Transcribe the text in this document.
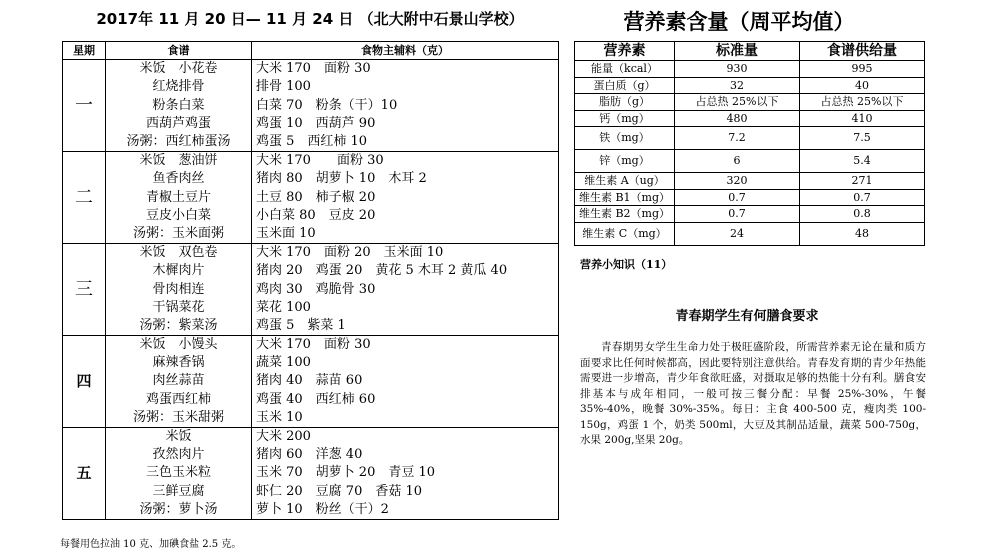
2017年 11 月 20 日— 11 月 24 日 （北大附中石景山学校）	营养素含量（周平均值）
星期	食谱	食物主辅料（克）
一	米饭　小花卷	大米 170　面粉 30
	红烧排骨	排骨 100
	粉条白菜	白菜 70　粉条（干）10
	西葫芦鸡蛋	鸡蛋 10　西葫芦 90
	汤粥：西红柿蛋汤	鸡蛋 5　西红柿 10
二	米饭　葱油饼	大米 170　　面粉 30
	鱼香肉丝	猪肉 80　胡萝卜 10　木耳 2
	青椒土豆片	土豆 80　柿子椒 20
	豆皮小白菜	小白菜 80　豆皮 20
	汤粥：玉米面粥	玉米面 10
三	米饭　双色卷	大米 170　面粉 20　玉米面 10
	木樨肉片	猪肉 20　鸡蛋 20　黄花 5 木耳 2 黄瓜 40
	骨肉相连	鸡肉 30　鸡脆骨 30
	干锅菜花	菜花 100
	汤粥：紫菜汤	鸡蛋 5　紫菜 1
四	米饭　小馒头	大米 170　面粉 30
	麻辣香锅	蔬菜 100
	肉丝蒜苗	猪肉 40　蒜苗 60
	鸡蛋西红柿	鸡蛋 40　西红柿 60
	汤粥：玉米甜粥	玉米 10
五	米饭	大米 200
	孜然肉片	猪肉 60　洋葱 40
	三色玉米粒	玉米 70　胡萝卜 20　青豆 10
	三鲜豆腐	虾仁 20　豆腐 70　香菇 10
	汤粥：萝卜汤	萝卜 10　粉丝（干）2
每餐用色拉油 10 克、加碘食盐 2.5 克。
营养素	标准量	食谱供给量
能量（kcal）	930	995
蛋白质（g）	32	40
脂肪（g）	占总热 25%以下	占总热 25%以下
钙（mg）	480	410
铁（mg）	7.2	7.5
锌（mg）	6	5.4
维生素 A（ug）	320	271
维生素 B1（mg）	0.7	0.7
维生素 B2（mg）	0.7	0.8
维生素 C（mg）	24	48
营养小知识（11）
青春期学生有何膳食要求
青春期男女学生生命力处于极旺盛阶段，所需营养素无论在量和质方面要求比任何时候都高，因此要特别注意供给。青春发育期的青少年热能需要进一步增高，青少年食欲旺盛，对摄取足够的热能十分有利。膳食安排基本与成年相同，一般可按三餐分配：早餐 25%-30%，午餐 35%-40%，晚餐 30%-35%。每日：主食 400-500 克，瘦肉类 100-150g，鸡蛋 1 个，奶类 500ml，大豆及其制品适量，蔬菜 500-750g，水果 200g,坚果 20g。
